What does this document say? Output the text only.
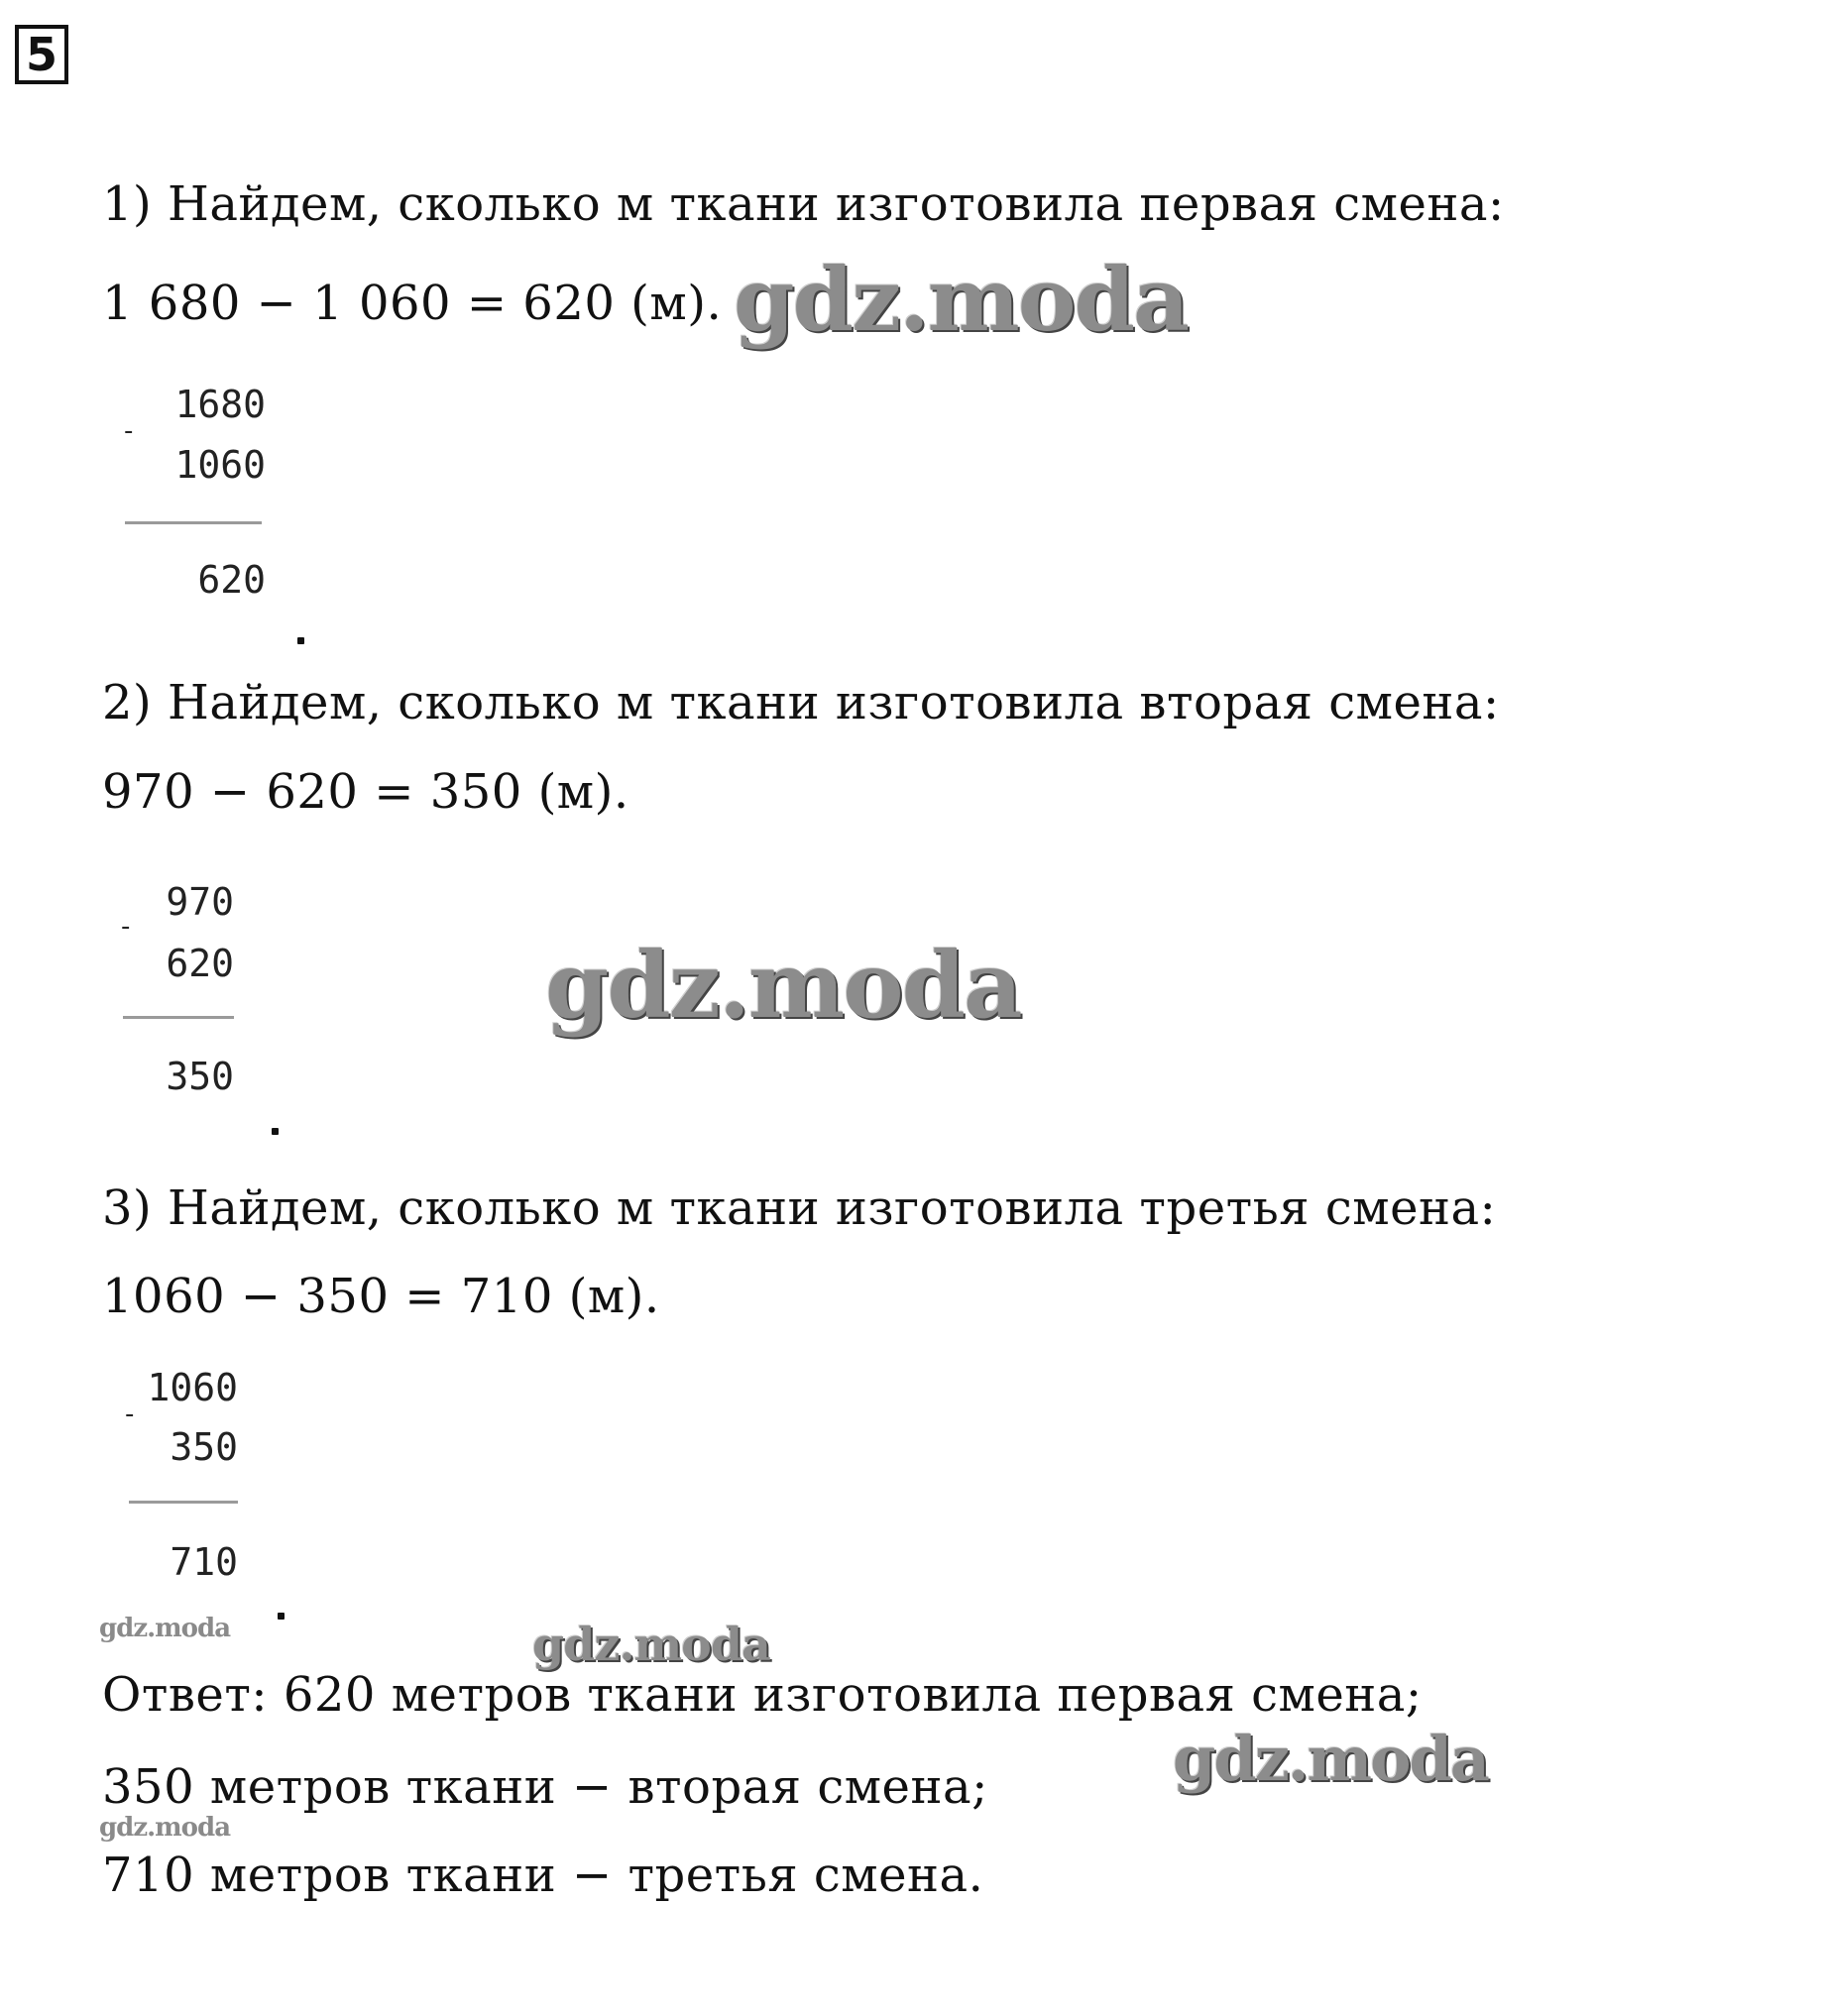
5
1) Найдем, сколько м ткани изготовила первая смена:
1 680 − 1 060 = 620 (м). gdz.moda
1680
-
1060
620
2) Найдем, сколько м ткани изготовила вторая смена:
970 − 620 = 350 (м).
970
-
620
350
gdz.moda
3) Найдем, сколько м ткани изготовила третья смена:
1060 − 350 = 710 (м).
1060
-
350
710
gdz.moda	gdz.moda
Ответ: 620 метров ткани изготовила первая смена;
gdz.moda
350 метров ткани − вторая смена;
gdz.moda
710 метров ткани − третья смена.
